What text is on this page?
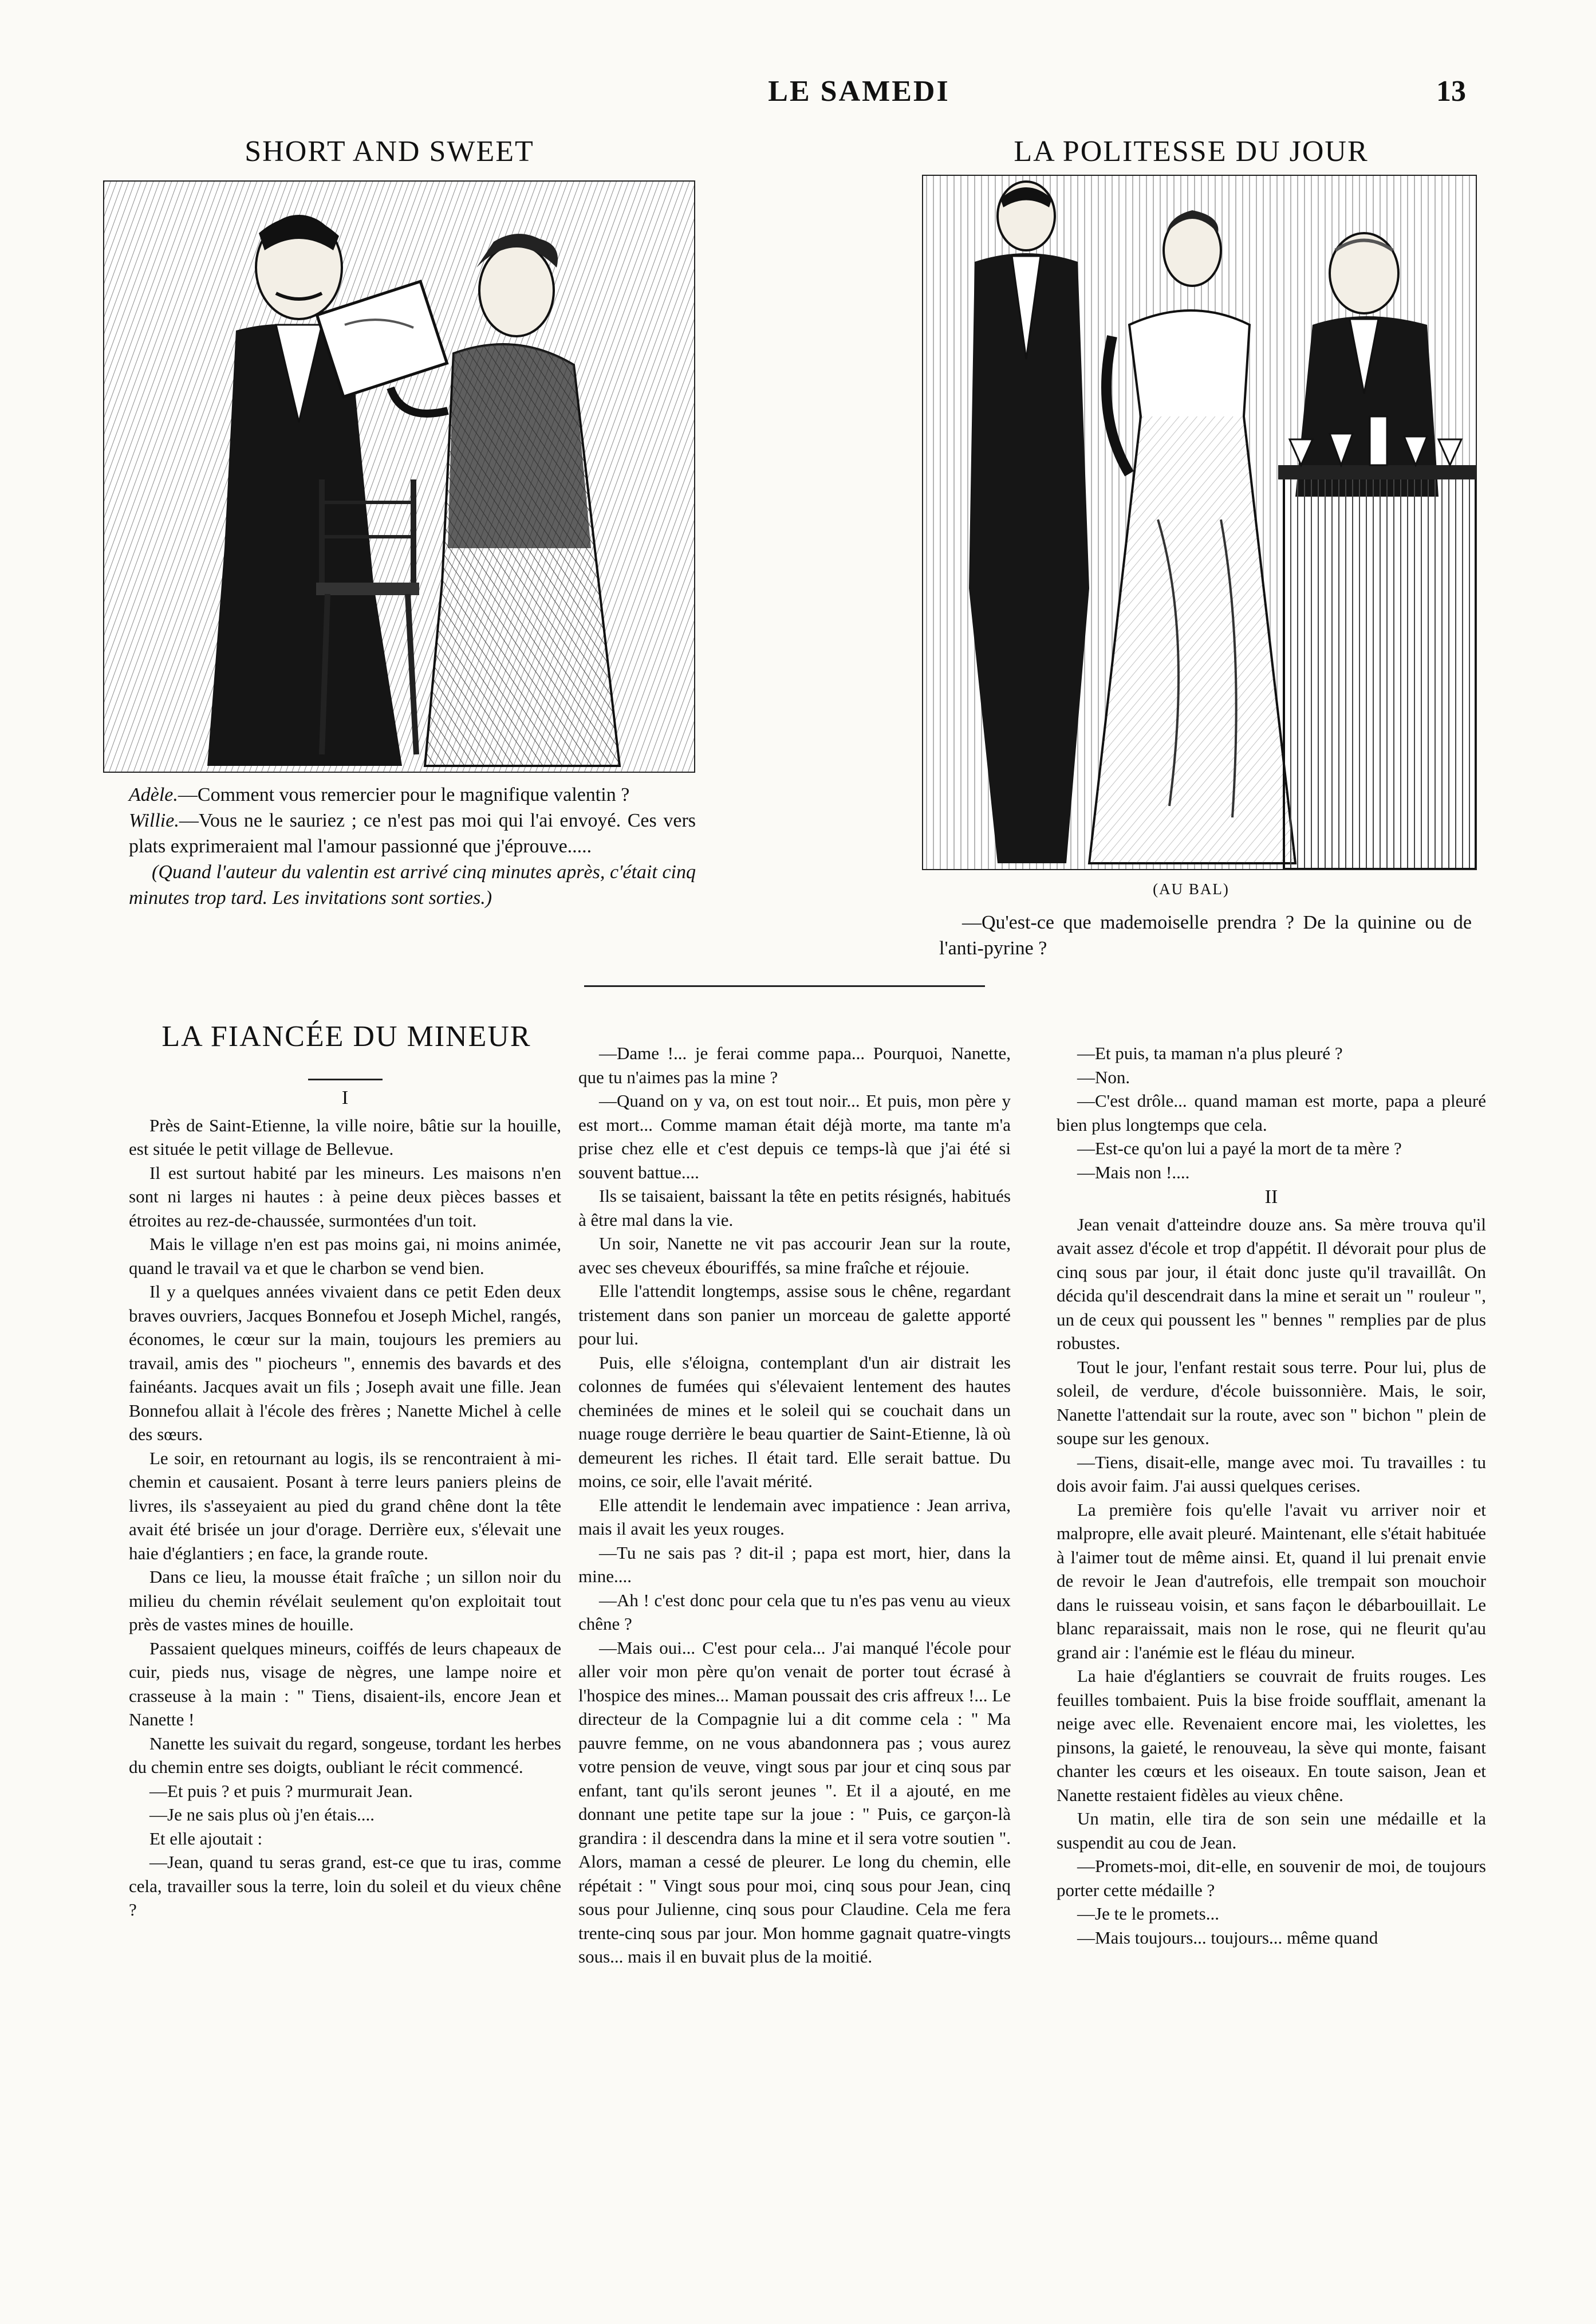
LE SAMEDI	13
SHORT AND SWEET
Adèle.—Comment vous remercier pour le magnifique valentin ?
Willie.—Vous ne le sauriez ; ce n'est pas moi qui l'ai envoyé. Ces vers plats exprimeraient mal l'amour passionné que j'éprouve.....
(Quand l'auteur du valentin est arrivé cinq minutes après, c'était cinq minutes trop tard. Les invitations sont sorties.)
LA POLITESSE DU JOUR
(AU BAL)
—Qu'est-ce que mademoiselle prendra ? De la quinine ou de l'anti-pyrine ?
LA FIANCÉE DU MINEUR
I

Près de Saint-Etienne, la ville noire, bâtie sur la houille, est située le petit village de Bellevue.

Il est surtout habité par les mineurs. Les maisons n'en sont ni larges ni hautes : à peine deux pièces basses et étroites au rez-de-chaussée, surmontées d'un toit.

Mais le village n'en est pas moins gai, ni moins animée, quand le travail va et que le charbon se vend bien.

Il y a quelques années vivaient dans ce petit Eden deux braves ouvriers, Jacques Bonnefou et Joseph Michel, rangés, économes, le cœur sur la main, toujours les premiers au travail, amis des " piocheurs ", ennemis des bavards et des fainéants. Jacques avait un fils ; Joseph avait une fille. Jean Bonnefou allait à l'école des frères ; Nanette Michel à celle des sœurs.

Le soir, en retournant au logis, ils se rencontraient à mi-chemin et causaient. Posant à terre leurs paniers pleins de livres, ils s'asseyaient au pied du grand chêne dont la tête avait été brisée un jour d'orage. Derrière eux, s'élevait une haie d'églantiers ; en face, la grande route.

Dans ce lieu, la mousse était fraîche ; un sillon noir du milieu du chemin révélait seulement qu'on exploitait tout près de vastes mines de houille.

Passaient quelques mineurs, coiffés de leurs chapeaux de cuir, pieds nus, visage de nègres, une lampe noire et crasseuse à la main : " Tiens, disaient-ils, encore Jean et Nanette !

Nanette les suivait du regard, songeuse, tordant les herbes du chemin entre ses doigts, oubliant le récit commencé.

—Et puis ? et puis ? murmurait Jean.

—Je ne sais plus où j'en étais....

Et elle ajoutait :

—Jean, quand tu seras grand, est-ce que tu iras, comme cela, travailler sous la terre, loin du soleil et du vieux chêne ?

—Dame !... je ferai comme papa... Pourquoi, Nanette, que tu n'aimes pas la mine ?

—Quand on y va, on est tout noir... Et puis, mon père y est mort... Comme maman était déjà morte, ma tante m'a prise chez elle et c'est depuis ce temps-là que j'ai été si souvent battue....

Ils se taisaient, baissant la tête en petits résignés, habitués à être mal dans la vie.

Un soir, Nanette ne vit pas accourir Jean sur la route, avec ses cheveux ébouriffés, sa mine fraîche et réjouie.

Elle l'attendit longtemps, assise sous le chêne, regardant tristement dans son panier un morceau de galette apporté pour lui.

Puis, elle s'éloigna, contemplant d'un air distrait les colonnes de fumées qui s'élevaient lentement des hautes cheminées de mines et le soleil qui se couchait dans un nuage rouge derrière le beau quartier de Saint-Etienne, là où demeurent les riches. Il était tard. Elle serait battue. Du moins, ce soir, elle l'avait mérité.

Elle attendit le lendemain avec impatience : Jean arriva, mais il avait les yeux rouges.

—Tu ne sais pas ? dit-il ; papa est mort, hier, dans la mine....

—Ah ! c'est donc pour cela que tu n'es pas venu au vieux chêne ?

—Mais oui... C'est pour cela... J'ai manqué l'école pour aller voir mon père qu'on venait de porter tout écrasé à l'hospice des mines... Maman poussait des cris affreux !... Le directeur de la Compagnie lui a dit comme cela : " Ma pauvre femme, on ne vous abandonnera pas ; vous aurez votre pension de veuve, vingt sous par jour et cinq sous par enfant, tant qu'ils seront jeunes ". Et il a ajouté, en me donnant une petite tape sur la joue : " Puis, ce garçon-là grandira : il descendra dans la mine et il sera votre soutien ". Alors, maman a cessé de pleurer. Le long du chemin, elle répétait : " Vingt sous pour moi, cinq sous pour Jean, cinq sous pour Julienne, cinq sous pour Claudine. Cela me fera trente-cinq sous par jour. Mon homme gagnait quatre-vingts sous... mais il en buvait plus de la moitié.

—Et puis, ta maman n'a plus pleuré ?

—Non.

—C'est drôle... quand maman est morte, papa a pleuré bien plus longtemps que cela.

—Est-ce qu'on lui a payé la mort de ta mère ?

—Mais non !....

II

Jean venait d'atteindre douze ans. Sa mère trouva qu'il avait assez d'école et trop d'appétit. Il dévorait pour plus de cinq sous par jour, il était donc juste qu'il travaillât. On décida qu'il descendrait dans la mine et serait un " rouleur ", un de ceux qui poussent les " bennes " remplies par de plus robustes.

Tout le jour, l'enfant restait sous terre. Pour lui, plus de soleil, de verdure, d'école buissonnière. Mais, le soir, Nanette l'attendait sur la route, avec son " bichon " plein de soupe sur les genoux.

—Tiens, disait-elle, mange avec moi. Tu travailles : tu dois avoir faim. J'ai aussi quelques cerises.

La première fois qu'elle l'avait vu arriver noir et malpropre, elle avait pleuré. Maintenant, elle s'était habituée à l'aimer tout de même ainsi. Et, quand il lui prenait envie de revoir le Jean d'autrefois, elle trempait son mouchoir dans le ruisseau voisin, et sans façon le débarbouillait. Le blanc reparaissait, mais non le rose, qui ne fleurit qu'au grand air : l'anémie est le fléau du mineur.

La haie d'églantiers se couvrait de fruits rouges. Les feuilles tombaient. Puis la bise froide soufflait, amenant la neige avec elle. Revenaient encore mai, les violettes, les pinsons, la gaieté, le renouveau, la sève qui monte, faisant chanter les cœurs et les oiseaux. En toute saison, Jean et Nanette restaient fidèles au vieux chêne.

Un matin, elle tira de son sein une médaille et la suspendit au cou de Jean.

—Promets-moi, dit-elle, en souvenir de moi, de toujours porter cette médaille ?

—Je te le promets...

—Mais toujours... toujours... même quand
